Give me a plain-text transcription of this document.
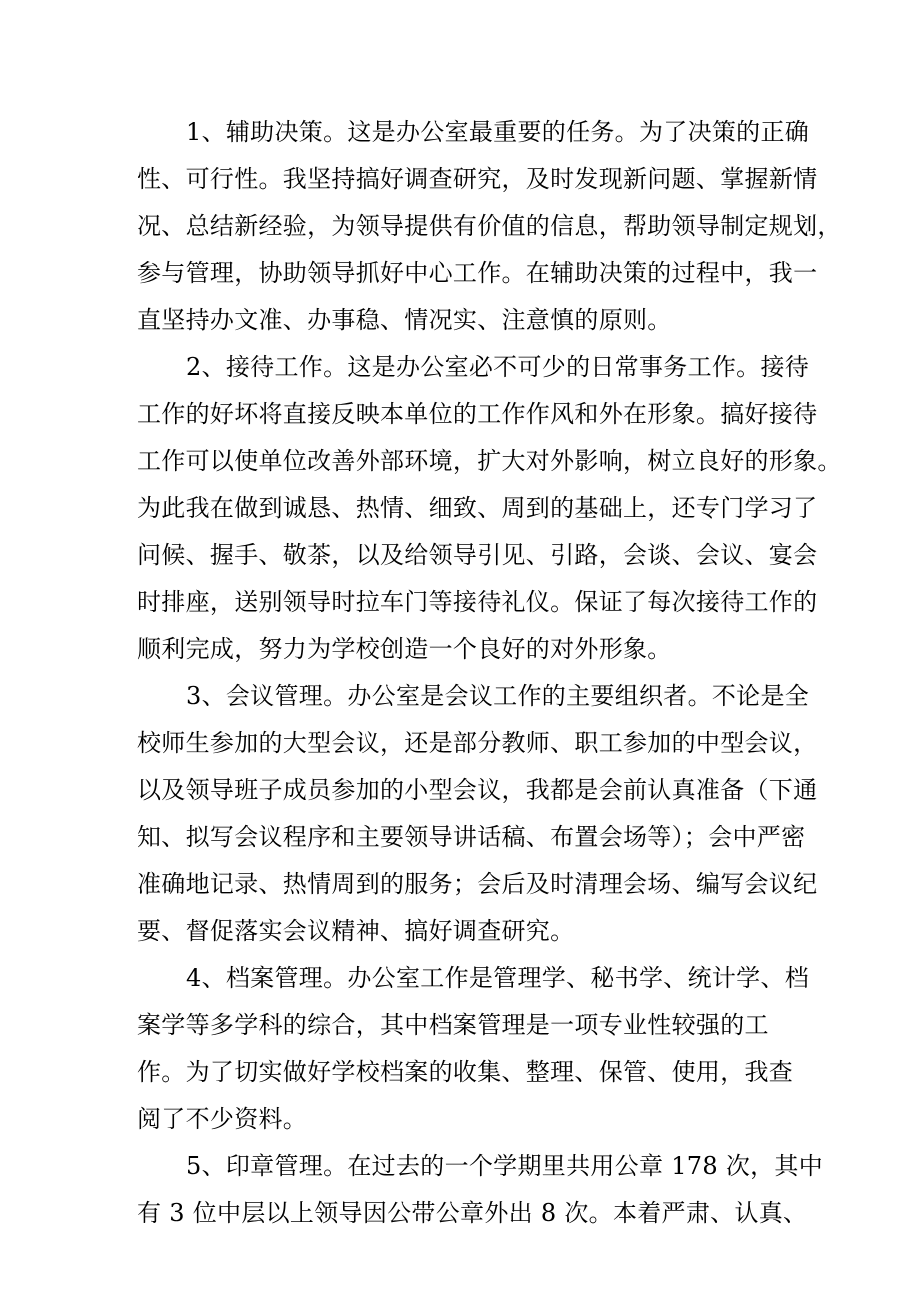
1、辅助决策。这是办公室最重要的任务。为了决策的正确
性、可行性。我坚持搞好调查研究，及时发现新问题、掌握新情
况、总结新经验，为领导提供有价值的信息，帮助领导制定规划，
参与管理，协助领导抓好中心工作。在辅助决策的过程中，我一
直坚持办文准、办事稳、情况实、注意慎的原则。
2、接待工作。这是办公室必不可少的日常事务工作。接待
工作的好坏将直接反映本单位的工作作风和外在形象。搞好接待
工作可以使单位改善外部环境，扩大对外影响，树立良好的形象。
为此我在做到诚恳、热情、细致、周到的基础上，还专门学习了
问候、握手、敬茶，以及给领导引见、引路，会谈、会议、宴会
时排座，送别领导时拉车门等接待礼仪。保证了每次接待工作的
顺利完成，努力为学校创造一个良好的对外形象。
3、会议管理。办公室是会议工作的主要组织者。不论是全
校师生参加的大型会议，还是部分教师、职工参加的中型会议，
以及领导班子成员参加的小型会议，我都是会前认真准备（下通
知、拟写会议程序和主要领导讲话稿、布置会场等）；会中严密
准确地记录、热情周到的服务；会后及时清理会场、编写会议纪
要、督促落实会议精神、搞好调查研究。
4、档案管理。办公室工作是管理学、秘书学、统计学、档
案学等多学科的综合，其中档案管理是一项专业性较强的工
作。为了切实做好学校档案的收集、整理、保管、使用，我查
阅了不少资料。
5、印章管理。在过去的一个学期里共用公章 178 次，其中
有 3 位中层以上领导因公带公章外出 8 次。本着严肃、认真、
